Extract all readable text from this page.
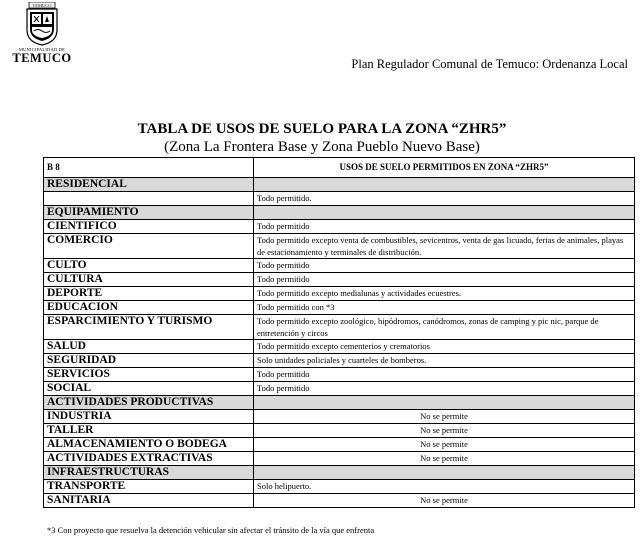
TEMUCO
MUNICIPALIDAD DE
TEMUCO	Plan Regulador Comunal de Temuco: Ordenanza Local
TABLA DE USOS DE SUELO PARA LA ZONA “ZHR5”
(Zona La Frontera Base y Zona Pueblo Nuevo Base)
B 8	USOS DE SUELO PERMITIDOS EN ZONA “ZHR5”
RESIDENCIAL	
	Todo permitido.
EQUIPAMIENTO	
CIENTIFICO	Todo permitido
COMERCIO	Todo permitido excepto venta de combustibles, sevicentros, venta de gas licuado, ferias de animales, playas de estacionamiento y terminales de distribución.
CULTO	Todo permitido
CULTURA	Todo permitido
DEPORTE	Todo permitido excepto medialunas y actividades ecuestres.
EDUCACION	Todo permitido con *3
ESPARCIMIENTO Y TURISMO	Todo permitido excepto zoológico, hipódromos, canódromos, zonas de camping y pic nic, parque de entretención y circos
SALUD	Todo permitido excepto cementerios y crematorios
SEGURIDAD	Solo unidades policiales y cuarteles de bomberos.
SERVICIOS	Todo permitido
SOCIAL	Todo permitido
ACTIVIDADES PRODUCTIVAS	
INDUSTRIA	No se permite
TALLER	No se permite
ALMACENAMIENTO O BODEGA	No se permite
ACTIVIDADES EXTRACTIVAS	No se permite
INFRAESTRUCTURAS	
TRANSPORTE	Solo helipuerto.
SANITARIA	No se permite
*3 Con proyecto que resuelva la detención vehicular sin afectar el tránsito de la vía que enfrenta
